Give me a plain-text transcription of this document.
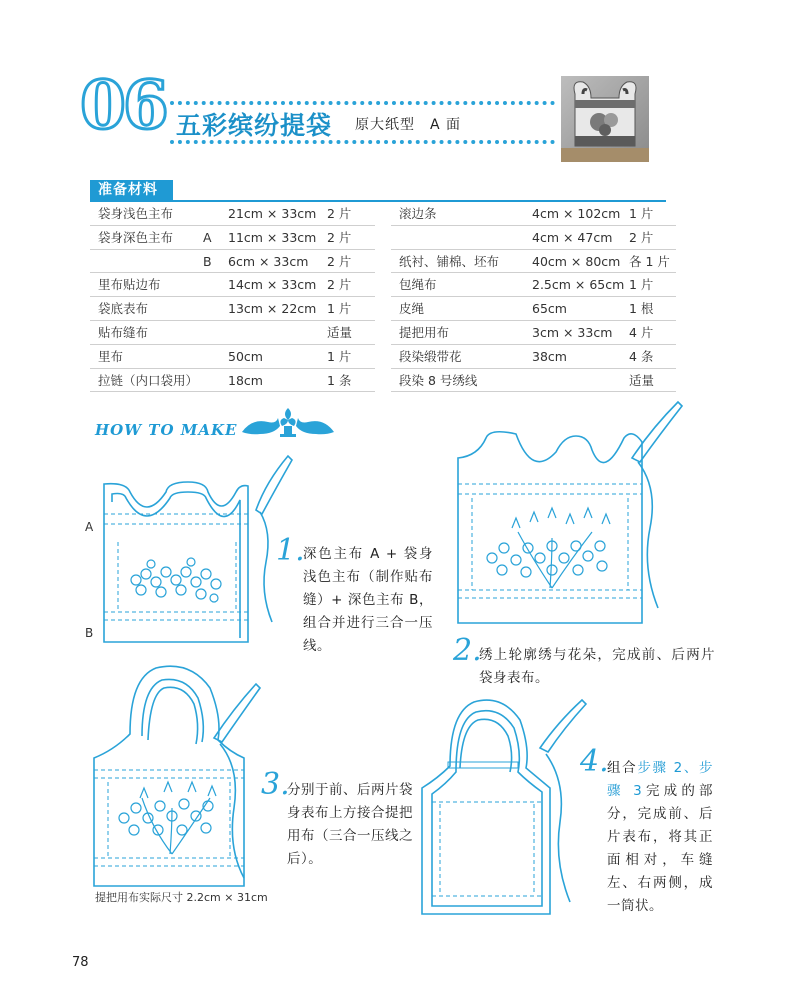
06 五彩缤纷提袋 原大纸型　A 面
准备材料
袋身浅色主布	21cm × 33cm 2 片
袋身深色主布 A 11cm × 33cm 2 片
B 6cm × 33cm 2 片
里布贴边布	14cm × 33cm 2 片
袋底表布	13cm × 22cm 1 片
贴布缝布	适量
里布	50cm	1 片
拉链（内口袋用） 18cm	1 条
滚边条	4cm × 102cm 1 片
4cm × 47cm 2 片
纸衬、铺棉、坯布	40cm × 80cm 各 1 片
包绳布	2.5cm × 65cm 1 片
皮绳	65cm	1 根
提把用布	3cm × 33cm 4 片
段染缎带花	38cm	4 条
段染 8 号绣线	适量
HOW TO MAKE
A
B
1.
深色主布 A + 袋身浅色主布（制作贴布缝）+ 深色主布 B，组合并进行三合一压线。	2.
绣上轮廓绣与花朵，完成前、后两片袋身表布。
3.
分别于前、后两片袋身表布上方接合提把用布（三合一压线之后）。
提把用布实际尺寸 2.2cm × 31cm
4.
组合步骤 2、步骤 3完成的部分，完成前、后片表布，将其正面相对，车缝左、右两侧，成一筒状。
78
